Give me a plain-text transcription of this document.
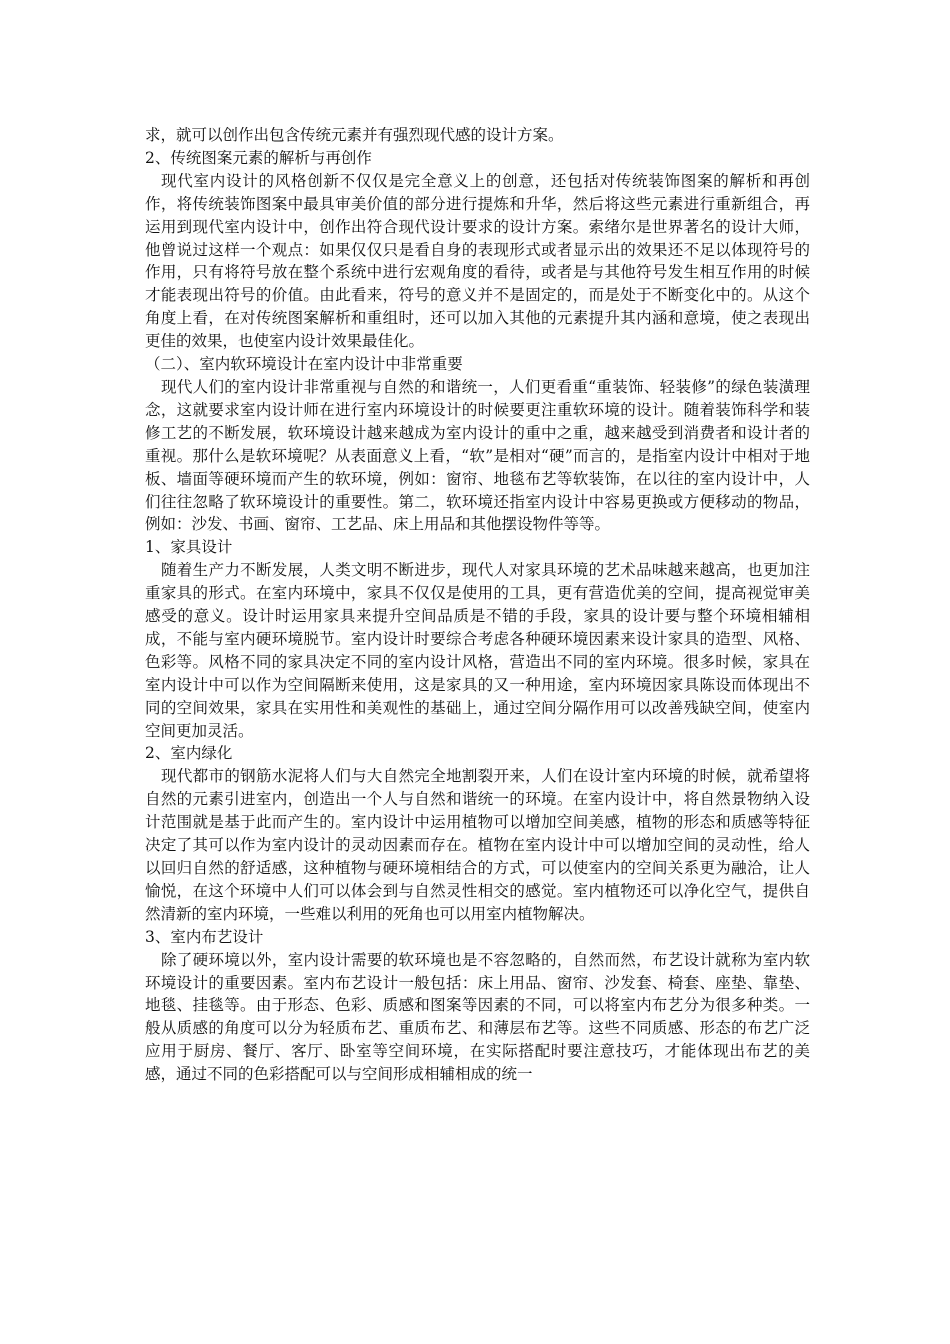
求，就可以创作出包含传统元素并有强烈现代感的设计方案。

2、传统图案元素的解析与再创作

现代室内设计的风格创新不仅仅是完全意义上的创意，还包括对传统装饰图案的解析和再创作，将传统装饰图案中最具审美价值的部分进行提炼和升华，然后将这些元素进行重新组合，再运用到现代室内设计中，创作出符合现代设计要求的设计方案。索绪尔是世界著名的设计大师，他曾说过这样一个观点：如果仅仅只是看自身的表现形式或者显示出的效果还不足以体现符号的作用，只有将符号放在整个系统中进行宏观角度的看待，或者是与其他符号发生相互作用的时候才能表现出符号的价值。由此看来，符号的意义并不是固定的，而是处于不断变化中的。从这个角度上看，在对传统图案解析和重组时，还可以加入其他的元素提升其内涵和意境，使之表现出更佳的效果，也使室内设计效果最佳化。

（二）、室内软环境设计在室内设计中非常重要

现代人们的室内设计非常重视与自然的和谐统一，人们更看重“重装饰、轻装修”的绿色装潢理念，这就要求室内设计师在进行室内环境设计的时候要更注重软环境的设计。随着装饰科学和装修工艺的不断发展，软环境设计越来越成为室内设计的重中之重，越来越受到消费者和设计者的重视。那什么是软环境呢？从表面意义上看，“软”是相对“硬”而言的，是指室内设计中相对于地板、墙面等硬环境而产生的软环境，例如：窗帘、地毯布艺等软装饰，在以往的室内设计中，人们往往忽略了软环境设计的重要性。第二，软环境还指室内设计中容易更换或方便移动的物品，例如：沙发、书画、窗帘、工艺品、床上用品和其他摆设物件等等。

1、家具设计

随着生产力不断发展，人类文明不断进步，现代人对家具环境的艺术品味越来越高，也更加注重家具的形式。在室内环境中，家具不仅仅是使用的工具，更有营造优美的空间，提高视觉审美感受的意义。设计时运用家具来提升空间品质是不错的手段，家具的设计要与整个环境相辅相成，不能与室内硬环境脱节。室内设计时要综合考虑各种硬环境因素来设计家具的造型、风格、色彩等。风格不同的家具决定不同的室内设计风格，营造出不同的室内环境。很多时候，家具在室内设计中可以作为空间隔断来使用，这是家具的又一种用途，室内环境因家具陈设而体现出不同的空间效果，家具在实用性和美观性的基础上，通过空间分隔作用可以改善残缺空间，使室内空间更加灵活。

2、室内绿化

现代都市的钢筋水泥将人们与大自然完全地割裂开来，人们在设计室内环境的时候，就希望将自然的元素引进室内，创造出一个人与自然和谐统一的环境。在室内设计中，将自然景物纳入设计范围就是基于此而产生的。室内设计中运用植物可以增加空间美感，植物的形态和质感等特征决定了其可以作为室内设计的灵动因素而存在。植物在室内设计中可以增加空间的灵动性，给人以回归自然的舒适感，这种植物与硬环境相结合的方式，可以使室内的空间关系更为融洽，让人愉悦，在这个环境中人们可以体会到与自然灵性相交的感觉。室内植物还可以净化空气，提供自然清新的室内环境，一些难以利用的死角也可以用室内植物解决。

3、室内布艺设计

除了硬环境以外，室内设计需要的软环境也是不容忽略的，自然而然，布艺设计就称为室内软环境设计的重要因素。室内布艺设计一般包括：床上用品、窗帘、沙发套、椅套、座垫、靠垫、地毯、挂毯等。由于形态、色彩、质感和图案等因素的不同，可以将室内布艺分为很多种类。一般从质感的角度可以分为轻质布艺、重质布艺、和薄层布艺等。这些不同质感、形态的布艺广泛应用于厨房、餐厅、客厅、卧室等空间环境，在实际搭配时要注意技巧，才能体现出布艺的美感，通过不同的色彩搭配可以与空间形成相辅相成的统一
